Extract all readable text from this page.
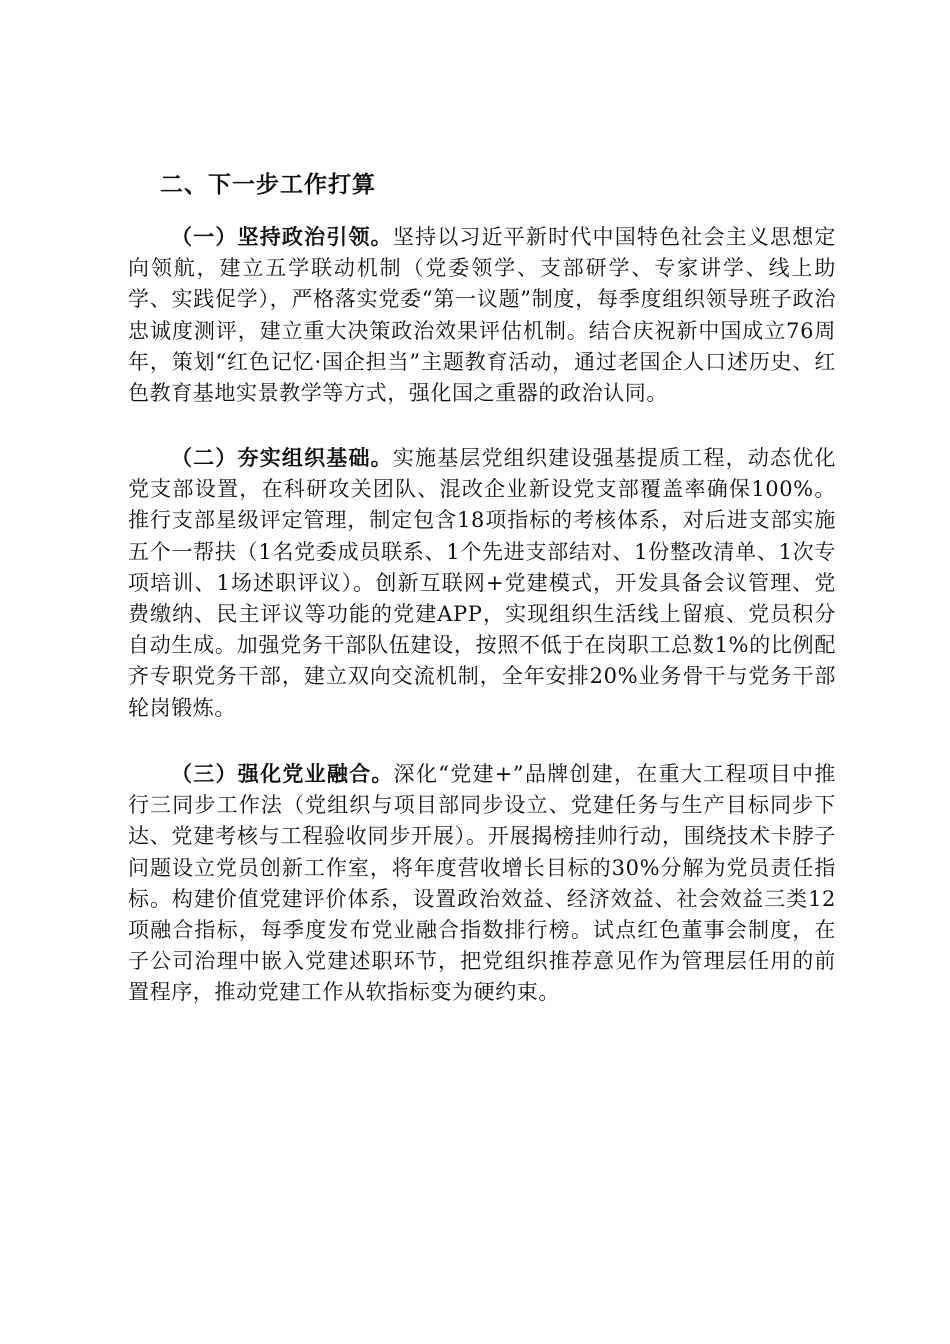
二、下一步工作打算

（一）坚持政治引领。坚持以习近平新时代中国特色社会主义思想定向领航，建立五学联动机制（党委领学、支部研学、专家讲学、线上助学、实践促学），严格落实党委“第一议题”制度，每季度组织领导班子政治忠诚度测评，建立重大决策政治效果评估机制。结合庆祝新中国成立76周年，策划“红色记忆·国企担当”主题教育活动，通过老国企人口述历史、红色教育基地实景教学等方式，强化国之重器的政治认同。

（二）夯实组织基础。实施基层党组织建设强基提质工程，动态优化党支部设置，在科研攻关团队、混改企业新设党支部覆盖率确保100%。推行支部星级评定管理，制定包含18项指标的考核体系，对后进支部实施五个一帮扶（1名党委成员联系、1个先进支部结对、1份整改清单、1次专项培训、1场述职评议）。创新互联网+党建模式，开发具备会议管理、党费缴纳、民主评议等功能的党建APP，实现组织生活线上留痕、党员积分自动生成。加强党务干部队伍建设，按照不低于在岗职工总数1%的比例配齐专职党务干部，建立双向交流机制，全年安排20%业务骨干与党务干部轮岗锻炼。

（三）强化党业融合。深化“党建+”品牌创建，在重大工程项目中推行三同步工作法（党组织与项目部同步设立、党建任务与生产目标同步下达、党建考核与工程验收同步开展）。开展揭榜挂帅行动，围绕技术卡脖子问题设立党员创新工作室，将年度营收增长目标的30%分解为党员责任指标。构建价值党建评价体系，设置政治效益、经济效益、社会效益三类12项融合指标，每季度发布党业融合指数排行榜。试点红色董事会制度，在子公司治理中嵌入党建述职环节，把党组织推荐意见作为管理层任用的前置程序，推动党建工作从软指标变为硬约束。
